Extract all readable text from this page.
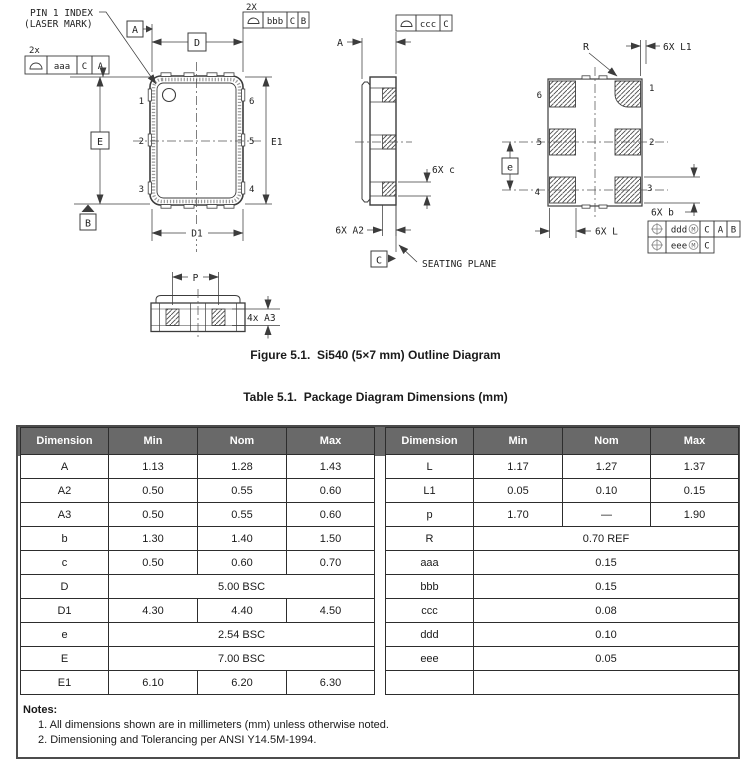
1
2
3
6
5
4
D
A
PIN 1 INDEX
(LASER MARK)
2x
aaa C A
E
B
E1
D1
2X
bbb C B
A
ccc C
6X c
6X A2
C	SEATING PLANE
1
2
3
6
5
4
R	6X L1
e
6X b
6X L	ddd M C A B
eee M C
P
4x A3
Figure 5.1.  Si540 (5×7 mm) Outline Diagram
Table 5.1.  Package Diagram Dimensions (mm)
Dimension	Min	Nom	Max
A	1.13	1.28	1.43
A2	0.50	0.55	0.60
A3	0.50	0.55	0.60
b	1.30	1.40	1.50
c	0.50	0.60	0.70
D	5.00 BSC		
D1	4.30	4.40	4.50
e	2.54 BSC		
E	7.00 BSC		
E1	6.10	6.20	6.30
Dimension	Min	Nom	Max
L	1.17	1.27	1.37
L1	0.05	0.10	0.15
p	1.70	—	1.90
R	0.70 REF		
aaa	0.15		
bbb	0.15		
ccc	0.08		
ddd	0.10		
eee	0.05		

Notes:
1. All dimensions shown are in millimeters (mm) unless otherwise noted.
2. Dimensioning and Tolerancing per ANSI Y14.5M-1994.
